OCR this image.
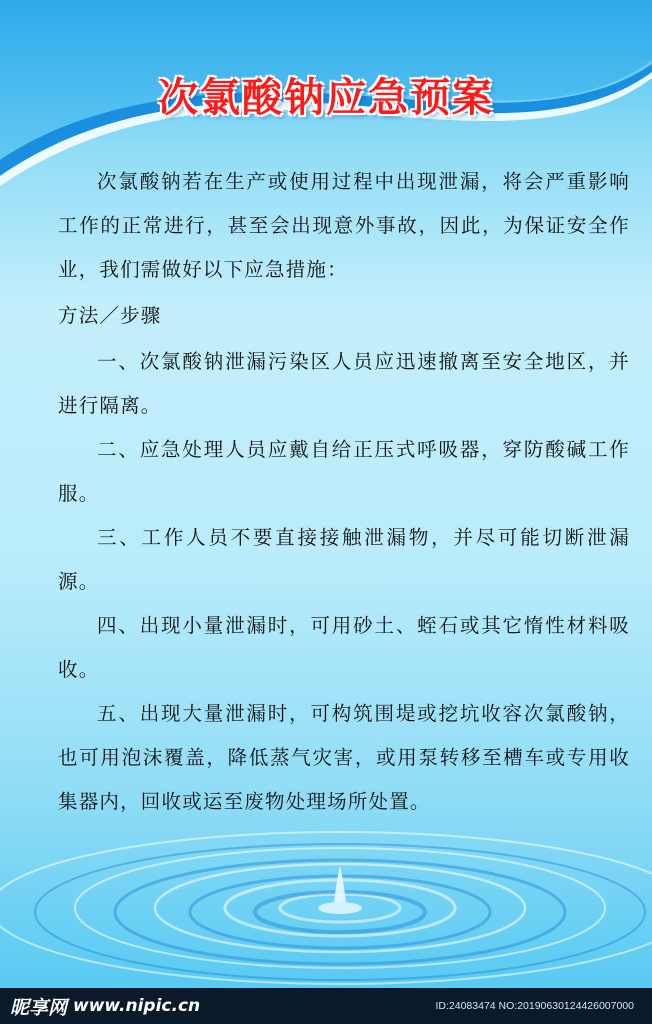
次氯酸钠应急预案

次氯酸钠若在生产或使用过程中出现泄漏，将会严重影响工作的正常进行，甚至会出现意外事故，因此，为保证安全作业，我们需做好以下应急措施：

方法／步骤

一、次氯酸钠泄漏污染区人员应迅速撤离至安全地区，并进行隔离。

二、应急处理人员应戴自给正压式呼吸器，穿防酸碱工作服。

三、工作人员不要直接接触泄漏物，并尽可能切断泄漏源。

四、出现小量泄漏时，可用砂土、蛭石或其它惰性材料吸收。

五、出现大量泄漏时，可构筑围堤或挖坑收容次氯酸钠，也可用泡沫覆盖，降低蒸气灾害，或用泵转移至槽车或专用收集器内，回收或运至废物处理场所处置。

昵享网 www.nipic.cn	ID:24083474 NO:20190630124426007000
